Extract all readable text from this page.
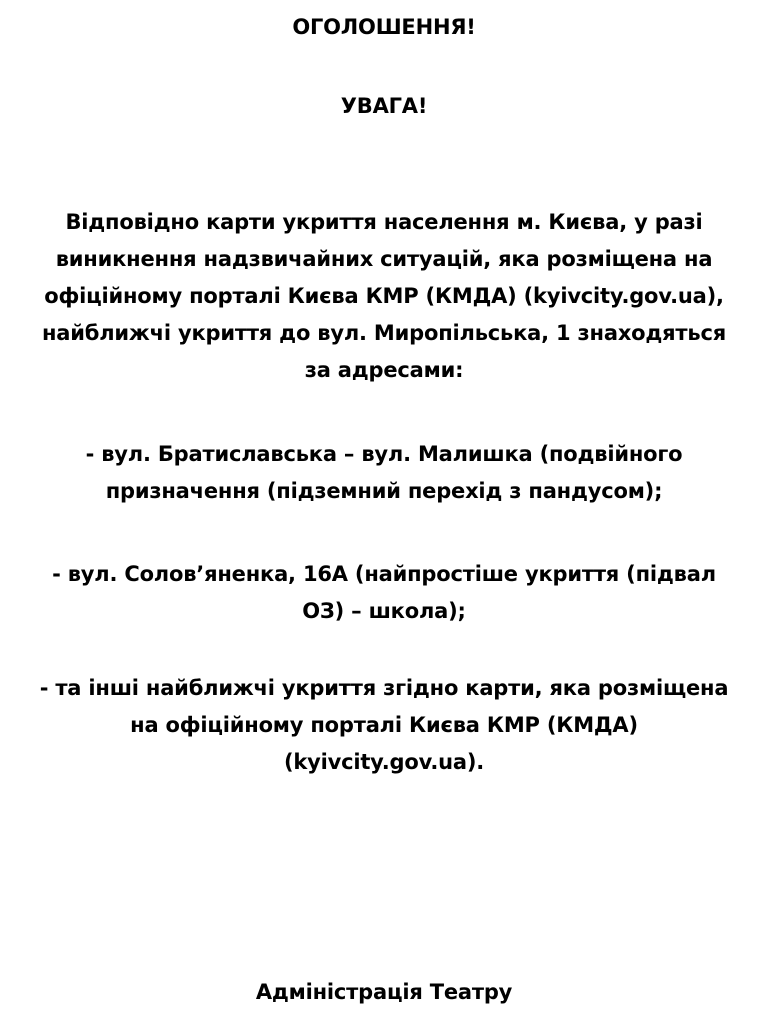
ОГОЛОШЕННЯ!
УВАГА!
Відповідно карти укриття населення м. Києва, у разі
виникнення надзвичайних ситуацій, яка розміщена на
офіційному порталі Києва КМР (КМДА) (kyivcity.gov.ua),
найближчі укриття до вул. Миропільська, 1 знаходяться
за адресами:
- вул. Братиславська – вул. Малишка (подвійного
призначення (підземний перехід з пандусом);
- вул. Солов’яненка, 16А (найпростіше укриття (підвал
ОЗ) – школа);
- та інші найближчі укриття згідно карти, яка розміщена
на офіційному порталі Києва КМР (КМДА)
(kyivcity.gov.ua).
Адміністрація Театру
